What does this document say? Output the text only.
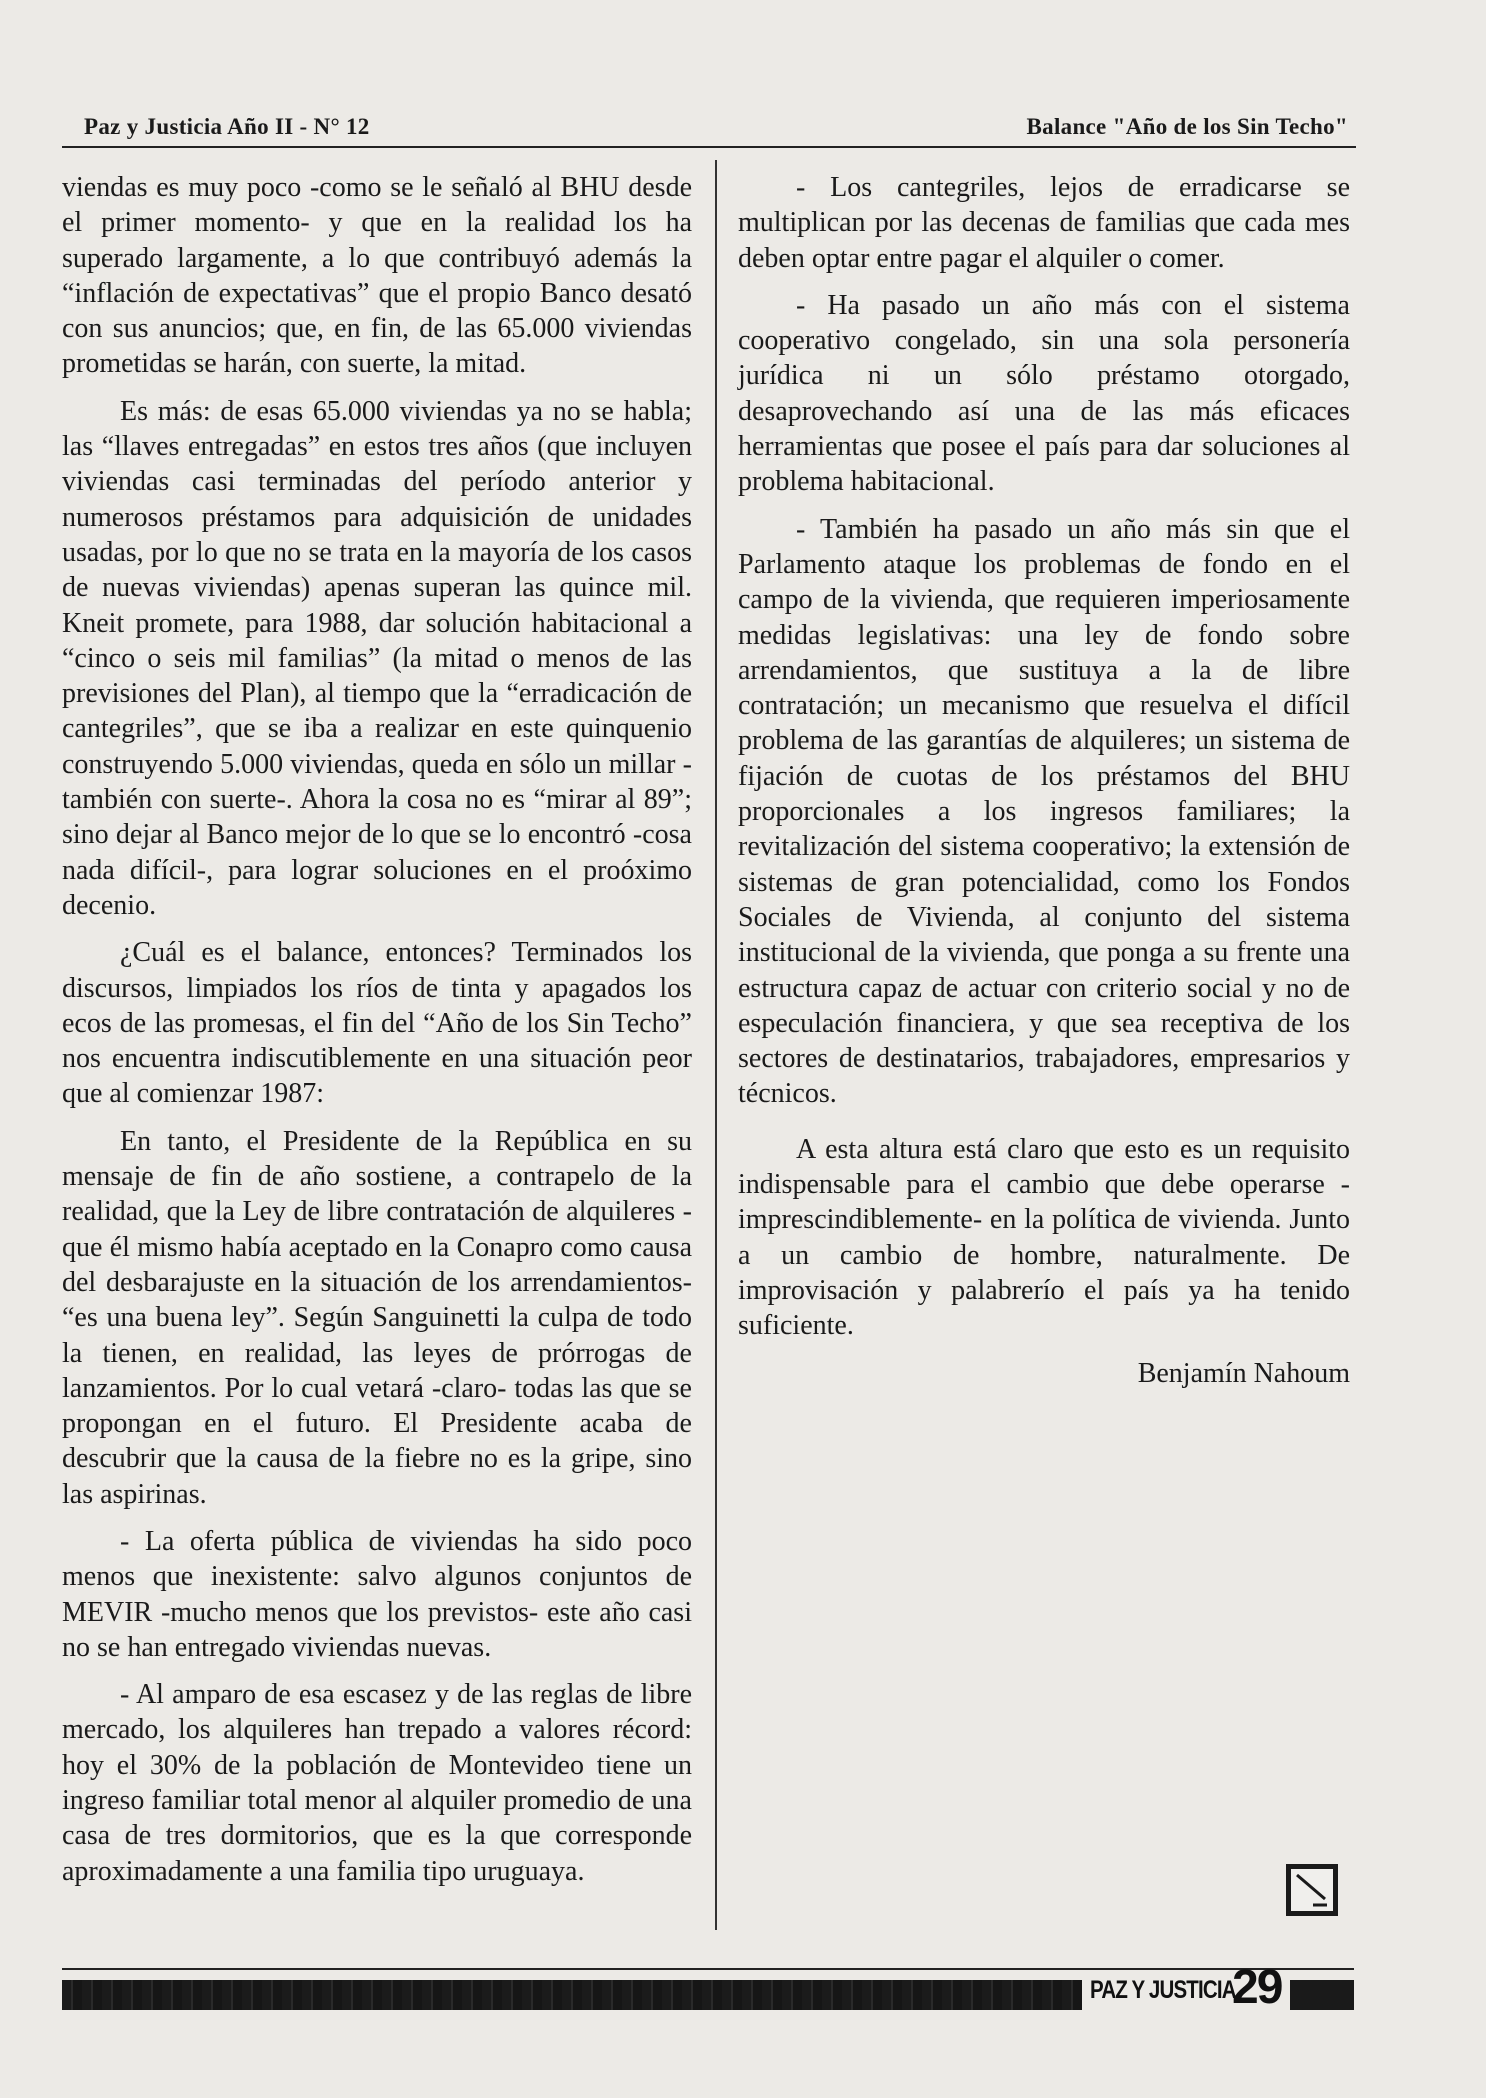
Paz y Justicia Año II - N° 12	Balance "Año de los Sin Techo"

viendas es muy poco -como se le señaló al BHU desde el primer momento- y que en la realidad los ha superado largamente, a lo que contribuyó además la “inflación de expectativas” que el propio Banco desató con sus anuncios; que, en fin, de las 65.000 viviendas prometidas se harán, con suerte, la mitad.

Es más: de esas 65.000 viviendas ya no se habla; las “llaves entregadas” en estos tres años (que incluyen viviendas casi terminadas del período anterior y numerosos préstamos para adquisición de unidades usadas, por lo que no se trata en la mayoría de los casos de nuevas viviendas) apenas superan las quince mil. Kneit promete, para 1988, dar solución habitacional a “cinco o seis mil familias” (la mitad o menos de las previsiones del Plan), al tiempo que la “erradicación de cantegriles”, que se iba a realizar en este quinquenio construyendo 5.000 viviendas, queda en sólo un millar -también con suerte-. Ahora la cosa no es “mirar al 89”; sino dejar al Banco mejor de lo que se lo encontró -cosa nada difícil-, para lograr soluciones en el proóximo decenio.

¿Cuál es el balance, entonces? Terminados los discursos, limpiados los ríos de tinta y apagados los ecos de las promesas, el fin del “Año de los Sin Techo” nos encuentra indiscutiblemente en una situación peor que al comienzar 1987:

En tanto, el Presidente de la República en su mensaje de fin de año sostiene, a contrapelo de la realidad, que la Ley de libre contratación de alquileres -que él mismo había aceptado en la Conapro como causa del desbarajuste en la situación de los arrendamientos- “es una buena ley”. Según Sanguinetti la culpa de todo la tienen, en realidad, las leyes de prórrogas de lanzamientos. Por lo cual vetará -claro- todas las que se propongan en el futuro. El Presidente acaba de descubrir que la causa de la fiebre no es la gripe, sino las aspirinas.

- La oferta pública de viviendas ha sido poco menos que inexistente: salvo algunos conjuntos de MEVIR -mucho menos que los previstos- este año casi no se han entregado viviendas nuevas.

- Al amparo de esa escasez y de las reglas de libre mercado, los alquileres han trepado a valores récord: hoy el 30% de la población de Montevideo tiene un ingreso familiar total menor al alquiler promedio de una casa de tres dormitorios, que es la que corresponde aproximadamente a una familia tipo uruguaya.

- Los cantegriles, lejos de erradicarse se multiplican por las decenas de familias que cada mes deben optar entre pagar el alquiler o comer.

- Ha pasado un año más con el sistema cooperativo congelado, sin una sola personería jurídica ni un sólo préstamo otorgado, desaprovechando así una de las más eficaces herramientas que posee el país para dar soluciones al problema habitacional.

- También ha pasado un año más sin que el Parlamento ataque los problemas de fondo en el campo de la vivienda, que requieren imperiosamente medidas legislativas: una ley de fondo sobre arrendamientos, que sustituya a la de libre contratación; un mecanismo que resuelva el difícil problema de las garantías de alquileres; un sistema de fijación de cuotas de los préstamos del BHU proporcionales a los ingresos familiares; la revitalización del sistema cooperativo; la extensión de sistemas de gran potencialidad, como los Fondos Sociales de Vivienda, al conjunto del sistema institucional de la vivienda, que ponga a su frente una estructura capaz de actuar con criterio social y no de especulación financiera, y que sea receptiva de los sectores de destinatarios, trabajadores, empresarios y técnicos.

A esta altura está claro que esto es un requisito indispensable para el cambio que debe operarse -imprescindiblemente- en la política de vivienda. Junto a un cambio de hombre, naturalmente. De improvisación y palabrerío el país ya ha tenido suficiente.

Benjamín Nahoum
PAZ Y JUSTICIA
29
